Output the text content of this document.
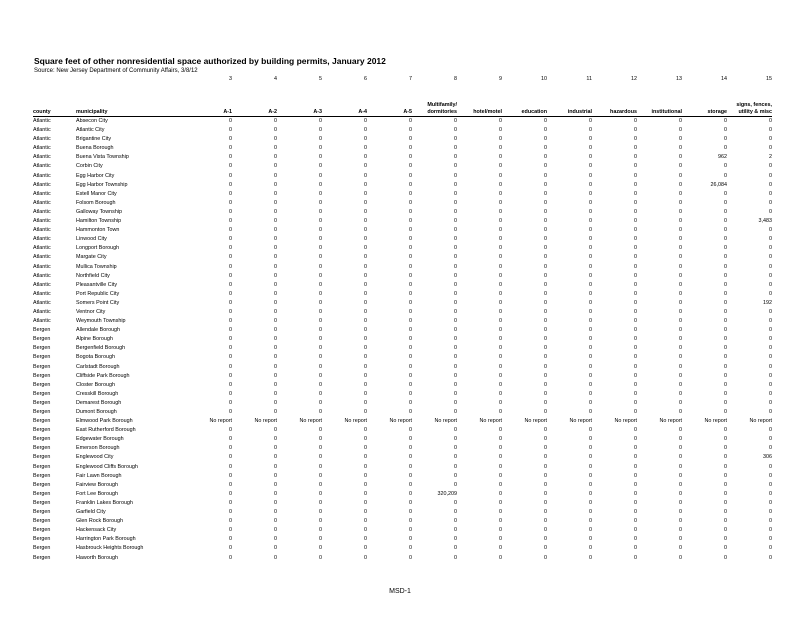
Square feet of other nonresidential space authorized by building permits, January 2012
Source: New Jersey Department of Community Affairs, 3/8/12
		3	4	5	6	7	8	9	10	11	12	13	14	15
county	municipality	A-1	A-2	A-3	A-4	A-5	Multifamily/ dormitories	hotel/motel	education	industrial	hazardous	institutional	storage	signs, fences, utility & misc
Atlantic	Absecon City	0	0	0	0	0	0	0	0	0	0	0	0	0
Atlantic	Atlantic City	0	0	0	0	0	0	0	0	0	0	0	0	0
Atlantic	Brigantine City	0	0	0	0	0	0	0	0	0	0	0	0	0
Atlantic	Buena Borough	0	0	0	0	0	0	0	0	0	0	0	0	0
Atlantic	Buena Vista Township	0	0	0	0	0	0	0	0	0	0	0	962	2
Atlantic	Corbin City	0	0	0	0	0	0	0	0	0	0	0	0	0
Atlantic	Egg Harbor City	0	0	0	0	0	0	0	0	0	0	0	0	0
Atlantic	Egg Harbor Township	0	0	0	0	0	0	0	0	0	0	0	26,084	0
Atlantic	Estell Manor City	0	0	0	0	0	0	0	0	0	0	0	0	0
Atlantic	Folsom Borough	0	0	0	0	0	0	0	0	0	0	0	0	0
Atlantic	Galloway Township	0	0	0	0	0	0	0	0	0	0	0	0	0
Atlantic	Hamilton Township	0	0	0	0	0	0	0	0	0	0	0	0	3,483
Atlantic	Hammonton Town	0	0	0	0	0	0	0	0	0	0	0	0	0
Atlantic	Linwood City	0	0	0	0	0	0	0	0	0	0	0	0	0
Atlantic	Longport Borough	0	0	0	0	0	0	0	0	0	0	0	0	0
Atlantic	Margate City	0	0	0	0	0	0	0	0	0	0	0	0	0
Atlantic	Mullica Township	0	0	0	0	0	0	0	0	0	0	0	0	0
Atlantic	Northfield City	0	0	0	0	0	0	0	0	0	0	0	0	0
Atlantic	Pleasantville City	0	0	0	0	0	0	0	0	0	0	0	0	0
Atlantic	Port Republic City	0	0	0	0	0	0	0	0	0	0	0	0	0
Atlantic	Somers Point City	0	0	0	0	0	0	0	0	0	0	0	0	192
Atlantic	Ventnor City	0	0	0	0	0	0	0	0	0	0	0	0	0
Atlantic	Weymouth Township	0	0	0	0	0	0	0	0	0	0	0	0	0
Bergen	Allendale Borough	0	0	0	0	0	0	0	0	0	0	0	0	0
Bergen	Alpine Borough	0	0	0	0	0	0	0	0	0	0	0	0	0
Bergen	Bergenfield Borough	0	0	0	0	0	0	0	0	0	0	0	0	0
Bergen	Bogota Borough	0	0	0	0	0	0	0	0	0	0	0	0	0
Bergen	Carlstadt Borough	0	0	0	0	0	0	0	0	0	0	0	0	0
Bergen	Cliffside Park Borough	0	0	0	0	0	0	0	0	0	0	0	0	0
Bergen	Closter Borough	0	0	0	0	0	0	0	0	0	0	0	0	0
Bergen	Cresskill Borough	0	0	0	0	0	0	0	0	0	0	0	0	0
Bergen	Demarest Borough	0	0	0	0	0	0	0	0	0	0	0	0	0
Bergen	Dumont Borough	0	0	0	0	0	0	0	0	0	0	0	0	0
Bergen	Elmwood Park Borough	No report	No report	No report	No report	No report	No report	No report	No report	No report	No report	No report	No report	No report
Bergen	East Rutherford Borough	0	0	0	0	0	0	0	0	0	0	0	0	0
Bergen	Edgewater Borough	0	0	0	0	0	0	0	0	0	0	0	0	0
Bergen	Emerson Borough	0	0	0	0	0	0	0	0	0	0	0	0	0
Bergen	Englewood City	0	0	0	0	0	0	0	0	0	0	0	0	306
Bergen	Englewood Cliffs Borough	0	0	0	0	0	0	0	0	0	0	0	0	0
Bergen	Fair Lawn Borough	0	0	0	0	0	0	0	0	0	0	0	0	0
Bergen	Fairview Borough	0	0	0	0	0	0	0	0	0	0	0	0	0
Bergen	Fort Lee Borough	0	0	0	0	0	320,209	0	0	0	0	0	0	0
Bergen	Franklin Lakes Borough	0	0	0	0	0	0	0	0	0	0	0	0	0
Bergen	Garfield City	0	0	0	0	0	0	0	0	0	0	0	0	0
Bergen	Glen Rock Borough	0	0	0	0	0	0	0	0	0	0	0	0	0
Bergen	Hackensack City	0	0	0	0	0	0	0	0	0	0	0	0	0
Bergen	Harrington Park Borough	0	0	0	0	0	0	0	0	0	0	0	0	0
Bergen	Hasbrouck Heights Borough	0	0	0	0	0	0	0	0	0	0	0	0	0
Bergen	Haworth Borough	0	0	0	0	0	0	0	0	0	0	0	0	0
MSD-1
